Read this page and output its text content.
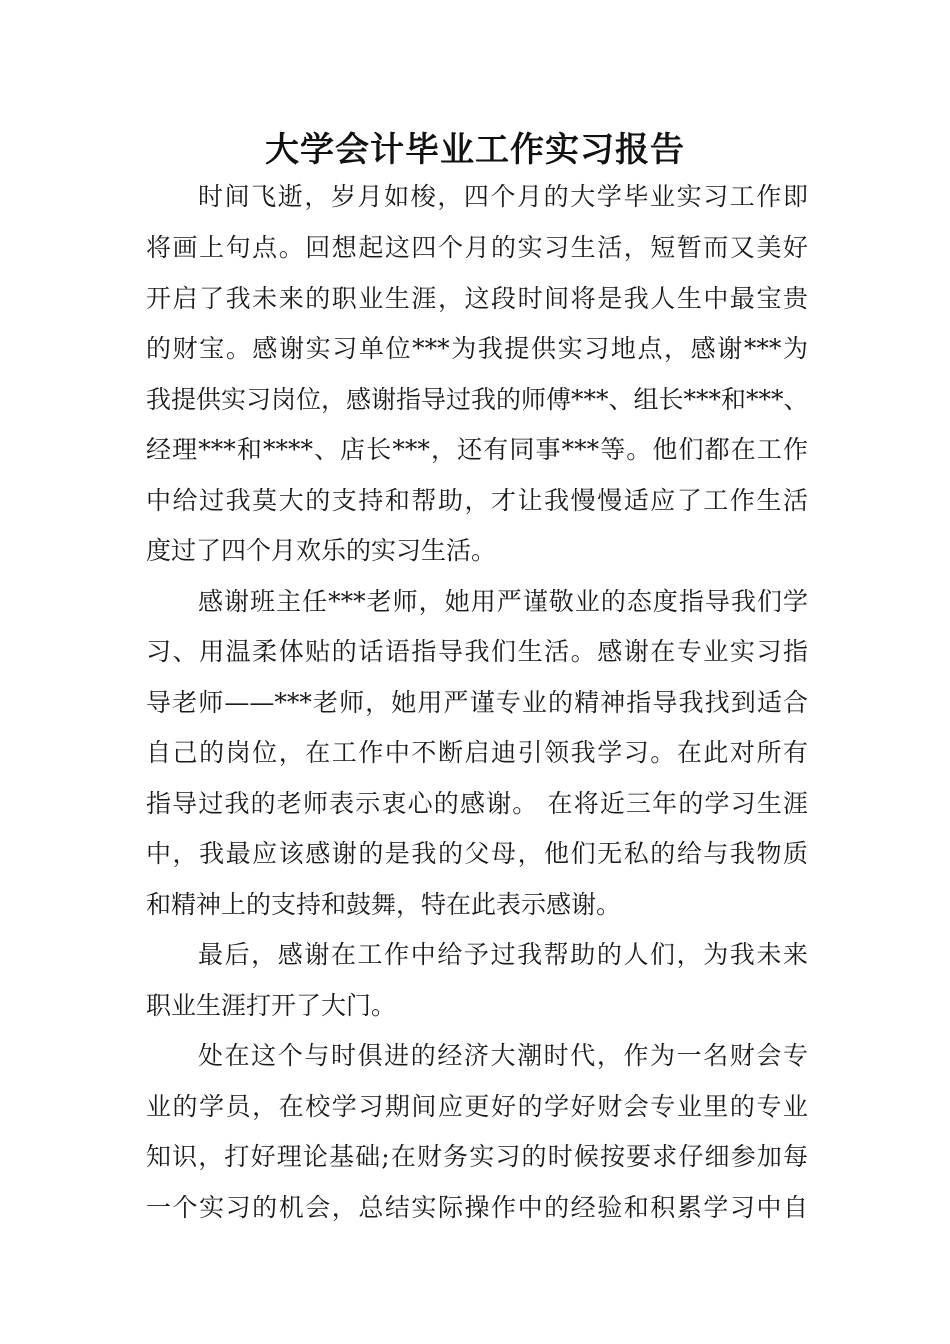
大学会计毕业工作实习报告
时间飞逝，岁月如梭，四个月的大学毕业实习工作即
将画上句点。回想起这四个月的实习生活，短暂而又美好
开启了我未来的职业生涯，这段时间将是我人生中最宝贵
的财宝。感谢实习单位***为我提供实习地点，感谢***为
我提供实习岗位，感谢指导过我的师傅***、组长***和***、
经理***和****、店长***，还有同事***等。他们都在工作
中给过我莫大的支持和帮助，才让我慢慢适应了工作生活
度过了四个月欢乐的实习生活。
感谢班主任***老师，她用严谨敬业的态度指导我们学
习、用温柔体贴的话语指导我们生活。感谢在专业实习指
导老师——***老师，她用严谨专业的精神指导我找到适合
自己的岗位，在工作中不断启迪引领我学习。在此对所有
指导过我的老师表示衷心的感谢。 在将近三年的学习生涯
中，我最应该感谢的是我的父母，他们无私的给与我物质
和精神上的支持和鼓舞，特在此表示感谢。
最后，感谢在工作中给予过我帮助的人们，为我未来
职业生涯打开了大门。
处在这个与时俱进的经济大潮时代，作为一名财会专
业的学员，在校学习期间应更好的学好财会专业里的专业
知识，打好理论基础;在财务实习的时候按要求仔细参加每
一个实习的机会，总结实际操作中的经验和积累学习中自
